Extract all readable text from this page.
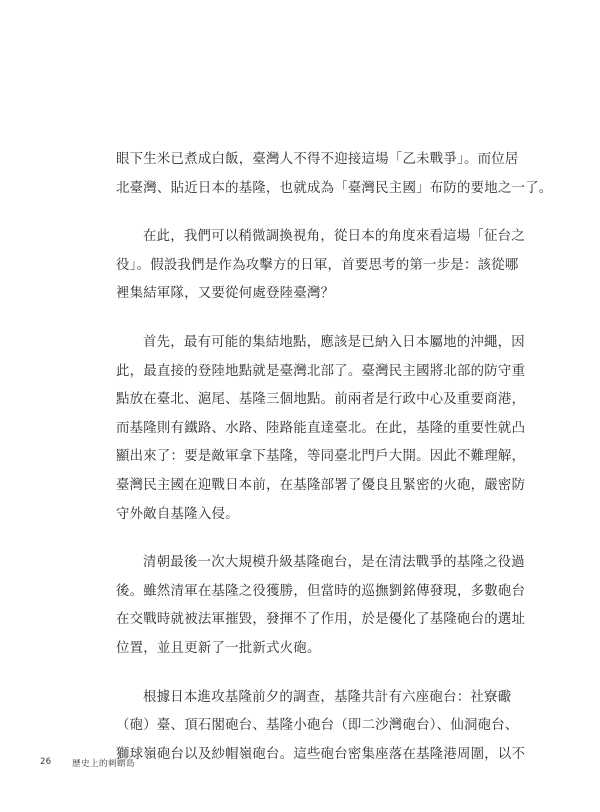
眼下生米已煮成白飯，臺灣人不得不迎接這場「乙未戰爭」。而位居
北臺灣、貼近日本的基隆，也就成為「臺灣民主國」布防的要地之一了。

在此，我們可以稍微調換視角，從日本的角度來看這場「征台之
役」。假設我們是作為攻擊方的日軍，首要思考的第一步是：該從哪
裡集結軍隊，又要從何處登陸臺灣？

首先，最有可能的集結地點，應該是已納入日本屬地的沖繩，因
此，最直接的登陸地點就是臺灣北部了。臺灣民主國將北部的防守重
點放在臺北、滬尾、基隆三個地點。前兩者是行政中心及重要商港，
而基隆則有鐵路、水路、陸路能直達臺北。在此，基隆的重要性就凸
顯出來了：要是敵軍拿下基隆，等同臺北門戶大開。因此不難理解，
臺灣民主國在迎戰日本前，在基隆部署了優良且緊密的火砲，嚴密防
守外敵自基隆入侵。

清朝最後一次大規模升級基隆砲台，是在清法戰爭的基隆之役過
後。雖然清軍在基隆之役獲勝，但當時的巡撫劉銘傳發現，多數砲台
在交戰時就被法軍摧毀，發揮不了作用，於是優化了基隆砲台的選址
位置，並且更新了一批新式火砲。

根據日本進攻基隆前夕的調查，基隆共計有六座砲台：社寮礮
（砲）臺、頂石閣砲台、基隆小砲台（即二沙灣砲台）、仙洞砲台、
獅球嶺砲台以及紗帽嶺砲台。這些砲台密集座落在基隆港周圍，以不

26 歷史上的刺蝟島
